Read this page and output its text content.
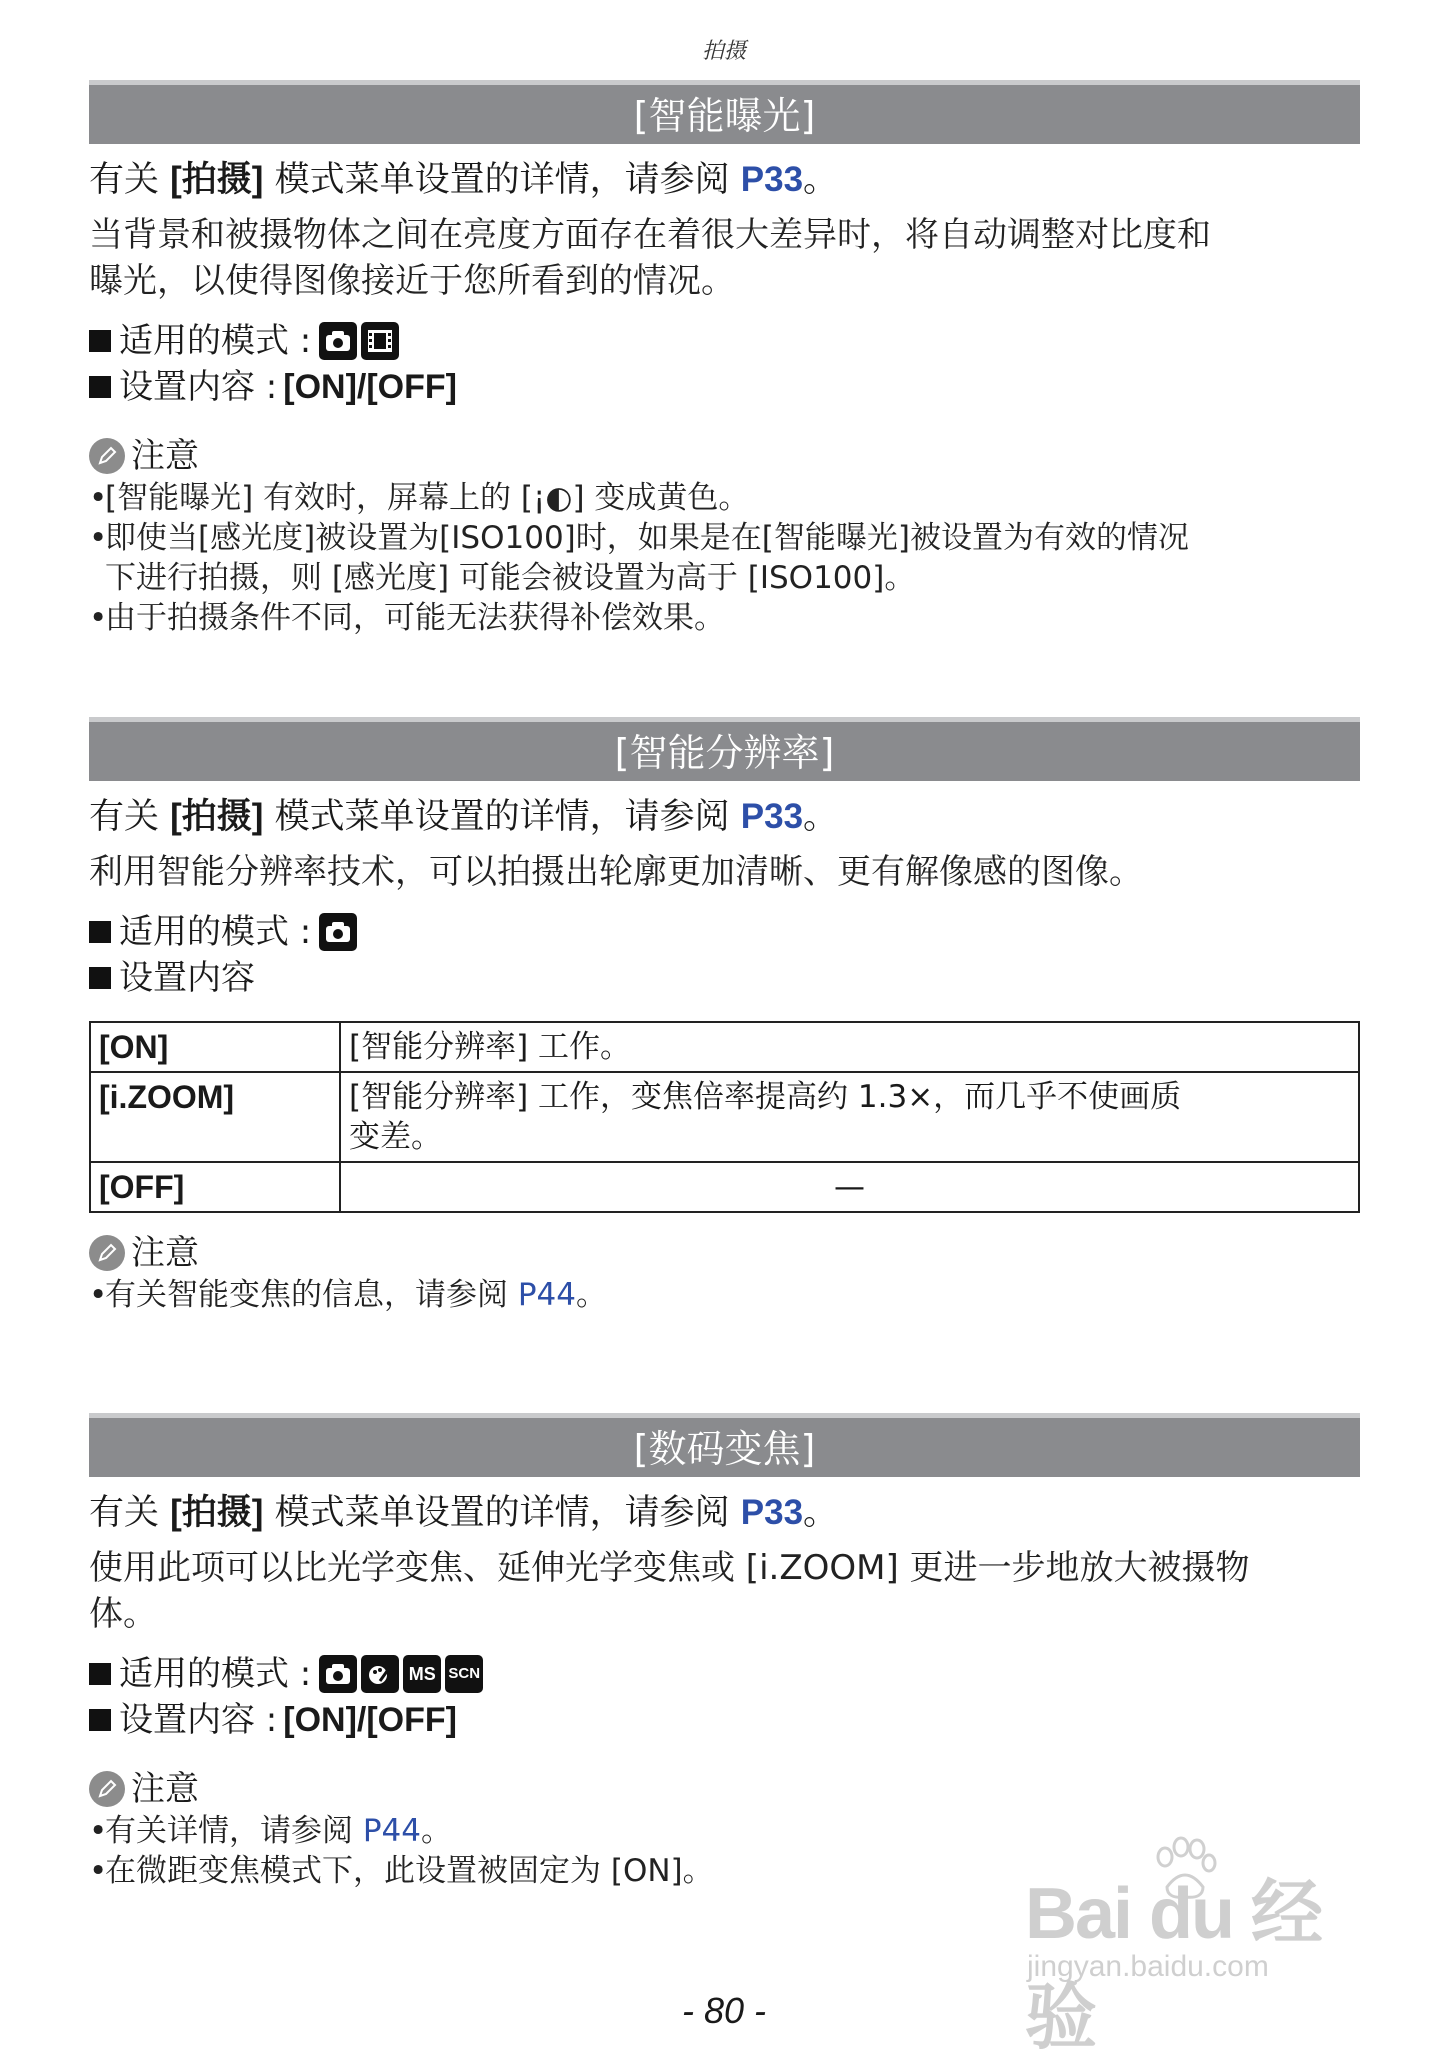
拍摄
[智能曝光]
有关 [拍摄] 模式菜单设置的详情，请参阅 P33。
当背景和被摄物体之间在亮度方面存在着很大差异时，将自动调整对比度和
曝光，以使得图像接近于您所看到的情况。
适用的模式 :
设置内容 : [ON]/[OFF]
注意
•
[智能曝光] 有效时，屏幕上的 [¡◐] 变成黄色。
•
即使当[感光度]被设置为[ISO100]时，如果是在[智能曝光]被设置为有效的情况
下进行拍摄，则 [感光度] 可能会被设置为高于 [ISO100]。
•
由于拍摄条件不同，可能无法获得补偿效果。
[智能分辨率]
有关 [拍摄] 模式菜单设置的详情，请参阅 P33。
利用智能分辨率技术，可以拍摄出轮廓更加清晰、更有解像感的图像。
适用的模式 :
设置内容
[ON]	[智能分辨率] 工作。

[i.ZOOM]	[智能分辨率] 工作，变焦倍率提高约 1.3×，而几乎不使画质
变差。

[OFF]	—
注意
•
有关智能变焦的信息，请参阅 P44。
[数码变焦]
有关 [拍摄] 模式菜单设置的详情，请参阅 P33。
使用此项可以比光学变焦、延伸光学变焦或 [i.ZOOM] 更进一步地放大被摄物
体。
适用的模式 :	MS SCN
设置内容 : [ON]/[OFF]
注意
•
有关详情，请参阅 P44。
•
在微距变焦模式下，此设置被固定为 [ON]。
Bai du 经验
jingyan.baidu.com
- 80 -
